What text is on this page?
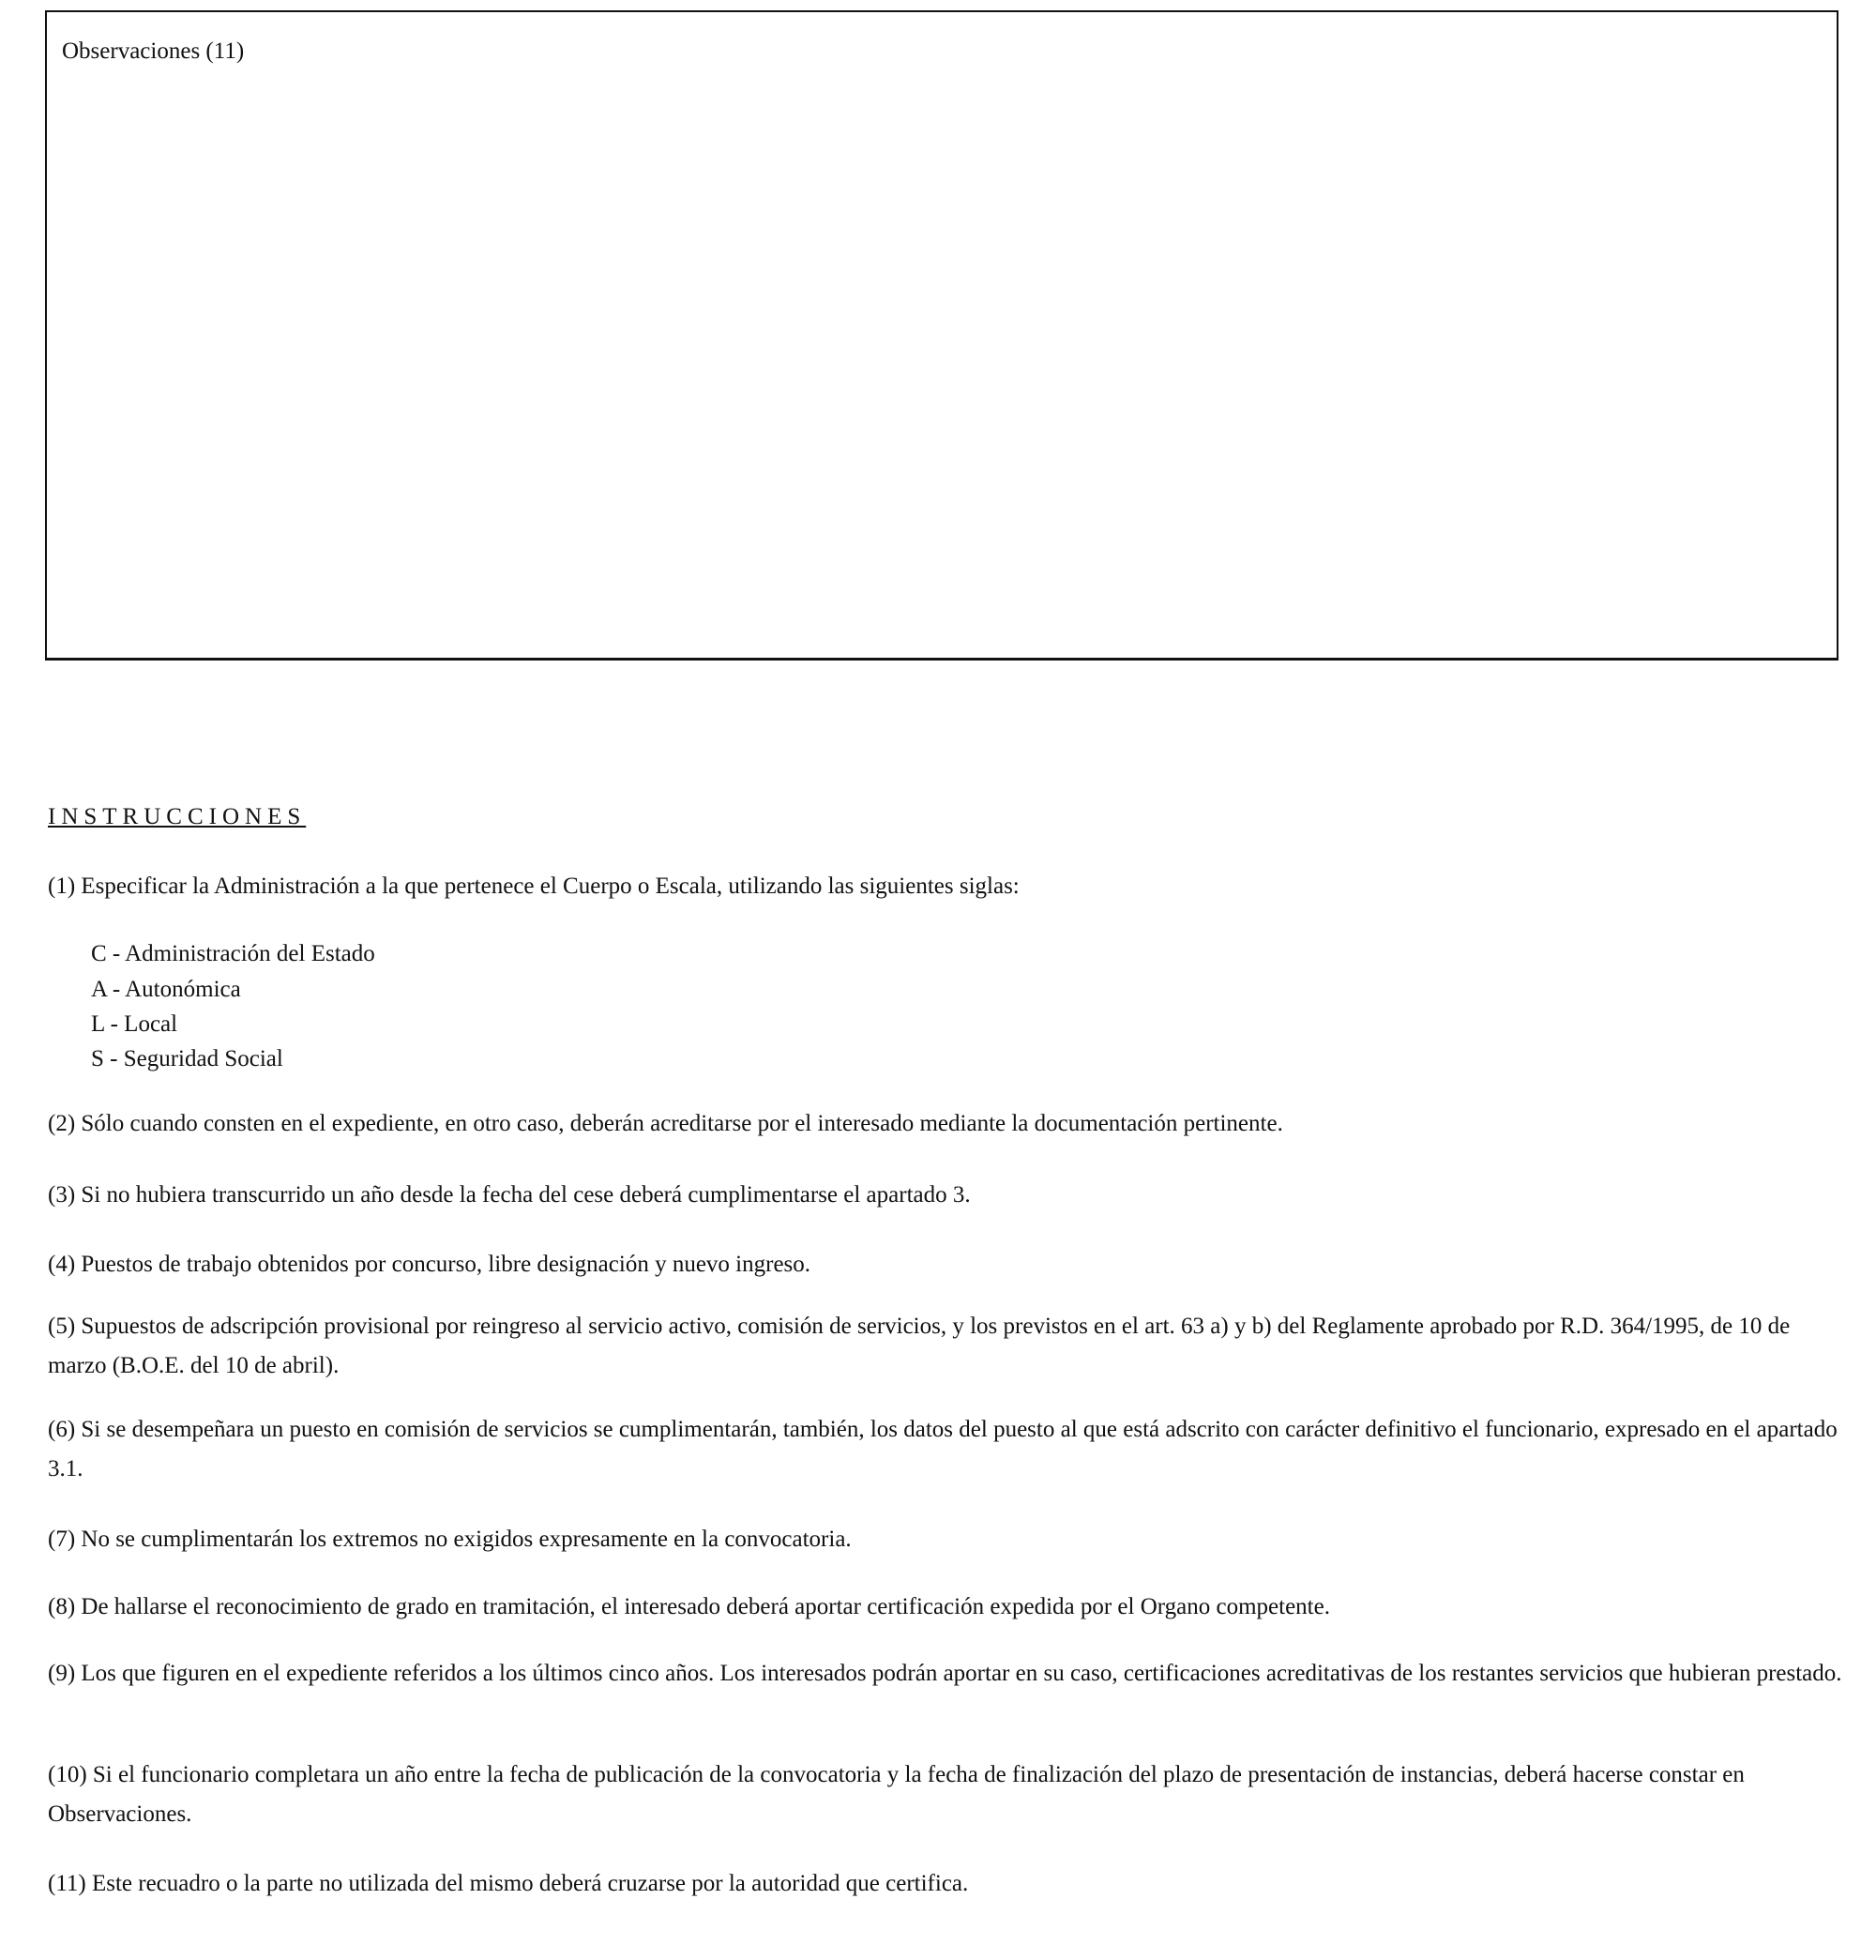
Observaciones (11)
INSTRUCCIONES

(1) Especificar la Administración a la que pertenece el Cuerpo o Escala, utilizando las siguientes siglas:

C - Administración del Estado
A - Autonómica
L - Local
S - Seguridad Social

(2) Sólo cuando consten en el expediente, en otro caso, deberán acreditarse por el interesado mediante la documentación pertinente.

(3) Si no hubiera transcurrido un año desde la fecha del cese deberá cumplimentarse el apartado 3.

(4) Puestos de trabajo obtenidos por concurso, libre designación y nuevo ingreso.

(5) Supuestos de adscripción provisional por reingreso al servicio activo, comisión de servicios, y los previstos en el art. 63 a) y b) del Reglamente aprobado por R.D. 364/1995, de 10 de marzo (B.O.E. del 10 de abril).

(6) Si se desempeñara un puesto en comisión de servicios se cumplimentarán, también, los datos del puesto al que está adscrito con carácter definitivo el funcionario, expresado en el apartado 3.1.

(7) No se cumplimentarán los extremos no exigidos expresamente en la convocatoria.

(8) De hallarse el reconocimiento de grado en tramitación, el interesado deberá aportar certificación expedida por el Organo competente.

(9) Los que figuren en el expediente referidos a los últimos cinco años. Los interesados podrán aportar en su caso, certificaciones acreditativas de los restantes servicios que hubieran prestado.

(10) Si el funcionario completara un año entre la fecha de publicación de la convocatoria y la fecha de finalización del plazo de presentación de instancias, deberá hacerse constar en Observaciones.

(11) Este recuadro o la parte no utilizada del mismo deberá cruzarse por la autoridad que certifica.
